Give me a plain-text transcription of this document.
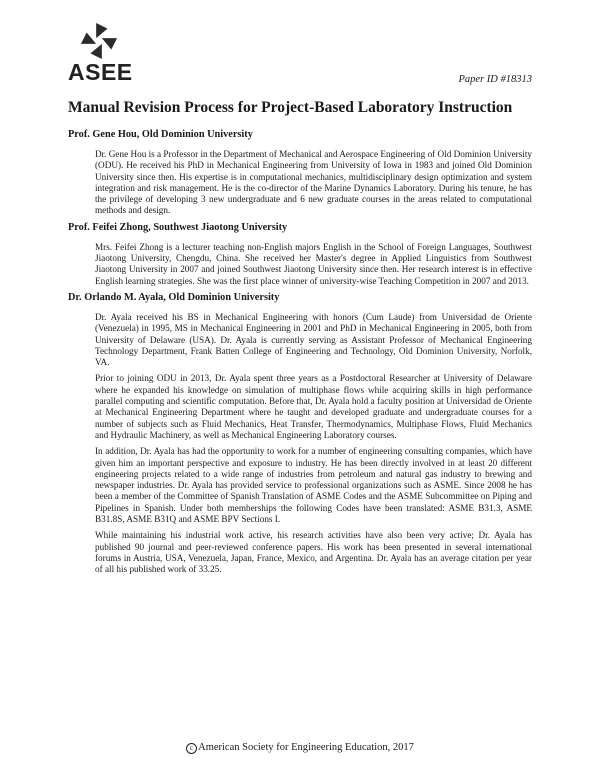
ASEE	Paper ID #18313
Manual Revision Process for Project-Based Laboratory Instruction
Prof. Gene Hou, Old Dominion University

Dr. Gene Hou is a Professor in the Department of Mechanical and Aerospace Engineering of Old Dominion University (ODU). He received his PhD in Mechanical Engineering from University of Iowa in 1983 and joined Old Dominion University since then. His expertise is in computational mechanics, multidisciplinary design optimization and system integration and risk management. He is the co-director of the Marine Dynamics Laboratory. During his tenure, he has the privilege of developing 3 new undergraduate and 6 new graduate courses in the areas related to computational methods and design.

Prof. Feifei Zhong, Southwest Jiaotong University

Mrs. Feifei Zhong is a lecturer teaching non-English majors English in the School of Foreign Languages, Southwest Jiaotong University, Chengdu, China. She received her Master's degree in Applied Linguistics from Southwest Jiaotong University in 2007 and joined Southwest Jiaotong University since then. Her research interest is in effective English learning strategies. She was the first place winner of university-wise Teaching Competition in 2007 and 2013.

Dr. Orlando M. Ayala, Old Dominion University

Dr. Ayala received his BS in Mechanical Engineering with honors (Cum Laude) from Universidad de Oriente (Venezuela) in 1995, MS in Mechanical Engineering in 2001 and PhD in Mechanical Engineering in 2005, both from University of Delaware (USA). Dr. Ayala is currently serving as Assistant Professor of Mechanical Engineering Technology Department, Frank Batten College of Engineering and Technology, Old Dominion University, Norfolk, VA.

Prior to joining ODU in 2013, Dr. Ayala spent three years as a Postdoctoral Researcher at University of Delaware where he expanded his knowledge on simulation of multiphase flows while acquiring skills in high performance parallel computing and scientific computation. Before that, Dr. Ayala hold a faculty position at Universidad de Oriente at Mechanical Engineering Department where he taught and developed graduate and undergraduate courses for a number of subjects such as Fluid Mechanics, Heat Transfer, Thermodynamics, Multiphase Flows, Fluid Mechanics and Hydraulic Machinery, as well as Mechanical Engineering Laboratory courses.

In addition, Dr. Ayala has had the opportunity to work for a number of engineering consulting companies, which have given him an important perspective and exposure to industry. He has been directly involved in at least 20 different engineering projects related to a wide range of industries from petroleum and natural gas industry to brewing and newspaper industries. Dr. Ayala has provided service to professional organizations such as ASME. Since 2008 he has been a member of the Committee of Spanish Translation of ASME Codes and the ASME Subcommittee on Piping and Pipelines in Spanish. Under both memberships the following Codes have been translated: ASME B31.3, ASME B31.8S, ASME B31Q and ASME BPV Sections I.

While maintaining his industrial work active, his research activities have also been very active; Dr. Ayala has published 90 journal and peer-reviewed conference papers. His work has been presented in several international forums in Austria, USA, Venezuela, Japan, France, Mexico, and Argentina. Dr. Ayala has an average citation per year of all his published work of 33.25.

c American Society for Engineering Education, 2017
